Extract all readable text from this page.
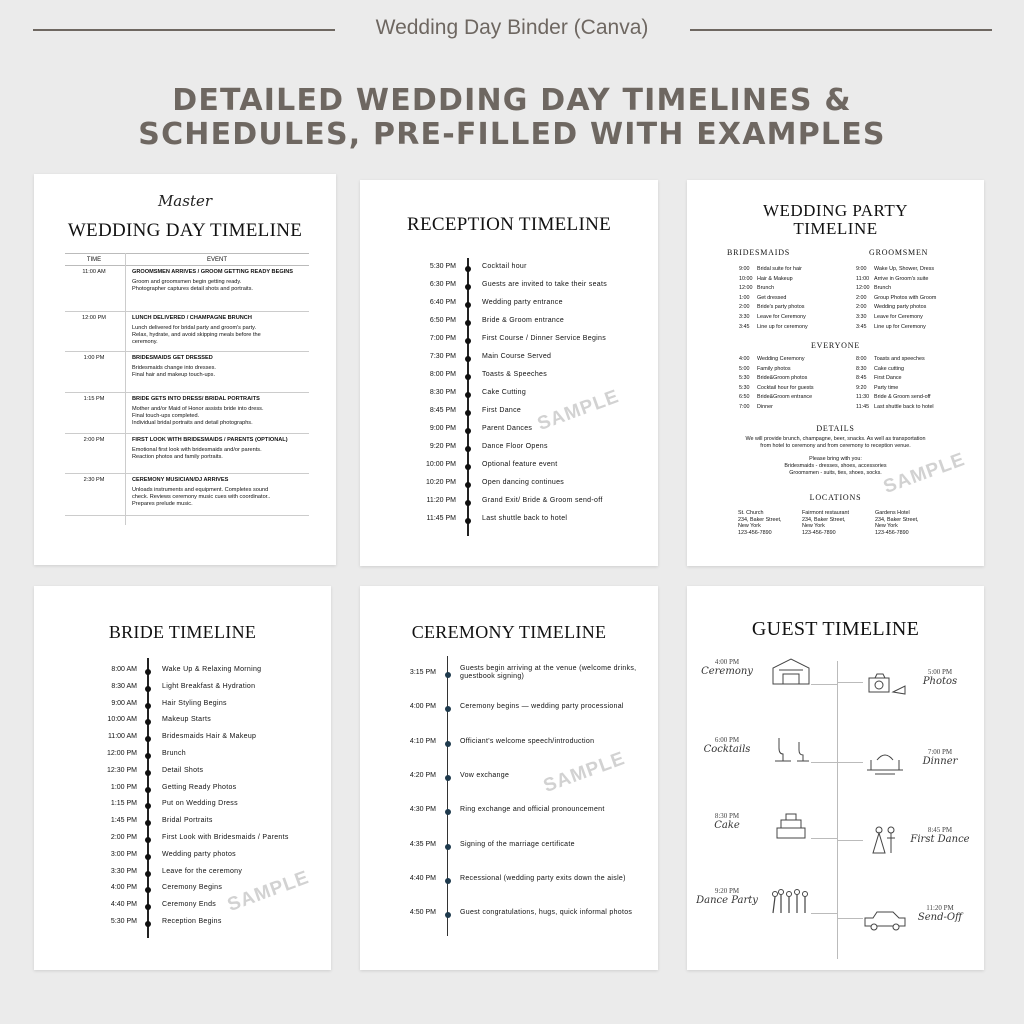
Wedding Day Binder (Canva)
DETAILED WEDDING DAY TIMELINES &
SCHEDULES, PRE-FILLED WITH EXAMPLES
Master
WEDDING DAY TIMELINE
TIME	EVENT
11:00 AM	GROOMSMEN ARRIVES / GROOM GETTING READY BEGINS
Groom and groomsmen begin getting ready.
Photographer captures detail shots and portraits.
12:00 PM	LUNCH DELIVERED / CHAMPAGNE BRUNCH
Lunch delivered for bridal party and groom's party.
Relax, hydrate, and avoid skipping meals before the
ceremony.
1:00 PM	BRIDESMAIDS GET DRESSED
Bridesmaids change into dresses.
Final hair and makeup touch-ups.
1:15 PM	BRIDE GETS INTO DRESS/ BRIDAL PORTRAITS
Mother and/or Maid of Honor assists bride into dress.
Final touch-ups completed.
Individual bridal portraits and detail photographs.
2:00 PM	FIRST LOOK WITH BRIDESMAIDS / PARENTS (OPTIONAL)
Emotional first look with bridesmaids and/or parents.
Reaction photos and family portraits.
2:30 PM	CEREMONY MUSICIAN/DJ ARRIVES
Unloads instruments and equipment. Completes sound
check. Reviews ceremony music cues with coordinator..
Prepares prelude music.
RECEPTION TIMELINE
5:30 PM	Cocktail hour
6:30 PM	Guests are invited to take their seats
6:40 PM	Wedding party entrance
6:50 PM	Bride & Groom entrance
7:00 PM	First Course / Dinner Service Begins
7:30 PM	Main Course Served
8:00 PM	Toasts & Speeches
8:30 PM	Cake Cutting
8:45 PM	First Dance
9:00 PM	Parent Dances
9:20 PM	Dance Floor Opens
10:00 PM	Optional feature event
10:20 PM	Open dancing continues
11:20 PM	Grand Exit/ Bride & Groom send-off
11:45 PM	Last shuttle back to hotel
SAMPLE
WEDDING PARTY
TIMELINE
BRIDESMAIDS	GROOMSMEN
9:00 Bridal suite for hair
10:00 Hair & Makeup
12:00 Brunch
1:00 Get dressed
2:00 Bride's party photos
3:30 Leave for Ceremony
3:45 Line up for ceremony
9:00 Wake Up, Shower, Dress
11:00 Arrive in Groom's suite
12:00 Brunch
2:00 Group Photos with Groom
2:00 Wedding party photos
3:30 Leave for Ceremony
3:45 Line up for Ceremony
EVERYONE
4:00 Wedding Ceremony
5:00 Family photos
5:30 Bride&Groom photos
5:30 Cocktail hour for guests
6:50 Bride&Groom entrance
7:00 Dinner
8:00 Toasts and speeches
8:30 Cake cutting
8:45 First Dance
9:20 Party time
11:30 Bride & Groom send-off
11:45 Last shuttle back to hotel
DETAILS
We will provide brunch, champagne, beer, snacks. As well as transportation
from hotel to ceremony and from ceremony to reception venue.
Please bring with you:
Bridesmaids - dresses, shoes, accessories
Groomsmen - suits, ties, shoes, socks.
LOCATIONS
St. Church
234, Baker Street,
New York
123-456-7890
Fairmont restaurant
234, Baker Street,
New York
123-456-7890
Gardens Hotel
234, Baker Street,
New York
123-456-7890
SAMPLE
BRIDE TIMELINE
8:00 AM	Wake Up & Relaxing Morning
8:30 AM	Light Breakfast & Hydration
9:00 AM	Hair Styling Begins
10:00 AM	Makeup Starts
11:00 AM	Bridesmaids Hair & Makeup
12:00 PM	Brunch
12:30 PM	Detail Shots
1:00 PM	Getting Ready Photos
1:15 PM	Put on Wedding Dress
1:45 PM	Bridal Portraits
2:00 PM	First Look with Bridesmaids / Parents
3:00 PM	Wedding party photos
3:30 PM	Leave for the ceremony
4:00 PM	Ceremony Begins
4:40 PM	Ceremony Ends
5:30 PM	Reception Begins
SAMPLE
CEREMONY TIMELINE
3:15 PM
Guests begin arriving at the venue (welcome drinks,
guestbook signing)
4:00 PM	Ceremony begins — wedding party processional
4:10 PM	Officiant's welcome speech/introduction
4:20 PM	Vow exchange
4:30 PM	Ring exchange and official pronouncement
4:35 PM	Signing of the marriage certificate
4:40 PM	Recessional (wedding party exits down the aisle)
4:50 PM	Guest congratulations, hugs, quick informal photos
SAMPLE
GUEST TIMELINE
4:00 PM
Ceremony
6:00 PM
Cocktails
8:30 PM
Cake
9:20 PM
Dance Party
5:00 PM
Photos
7:00 PM
Dinner
8:45 PM
First Dance
11:20 PM
Send-Off
